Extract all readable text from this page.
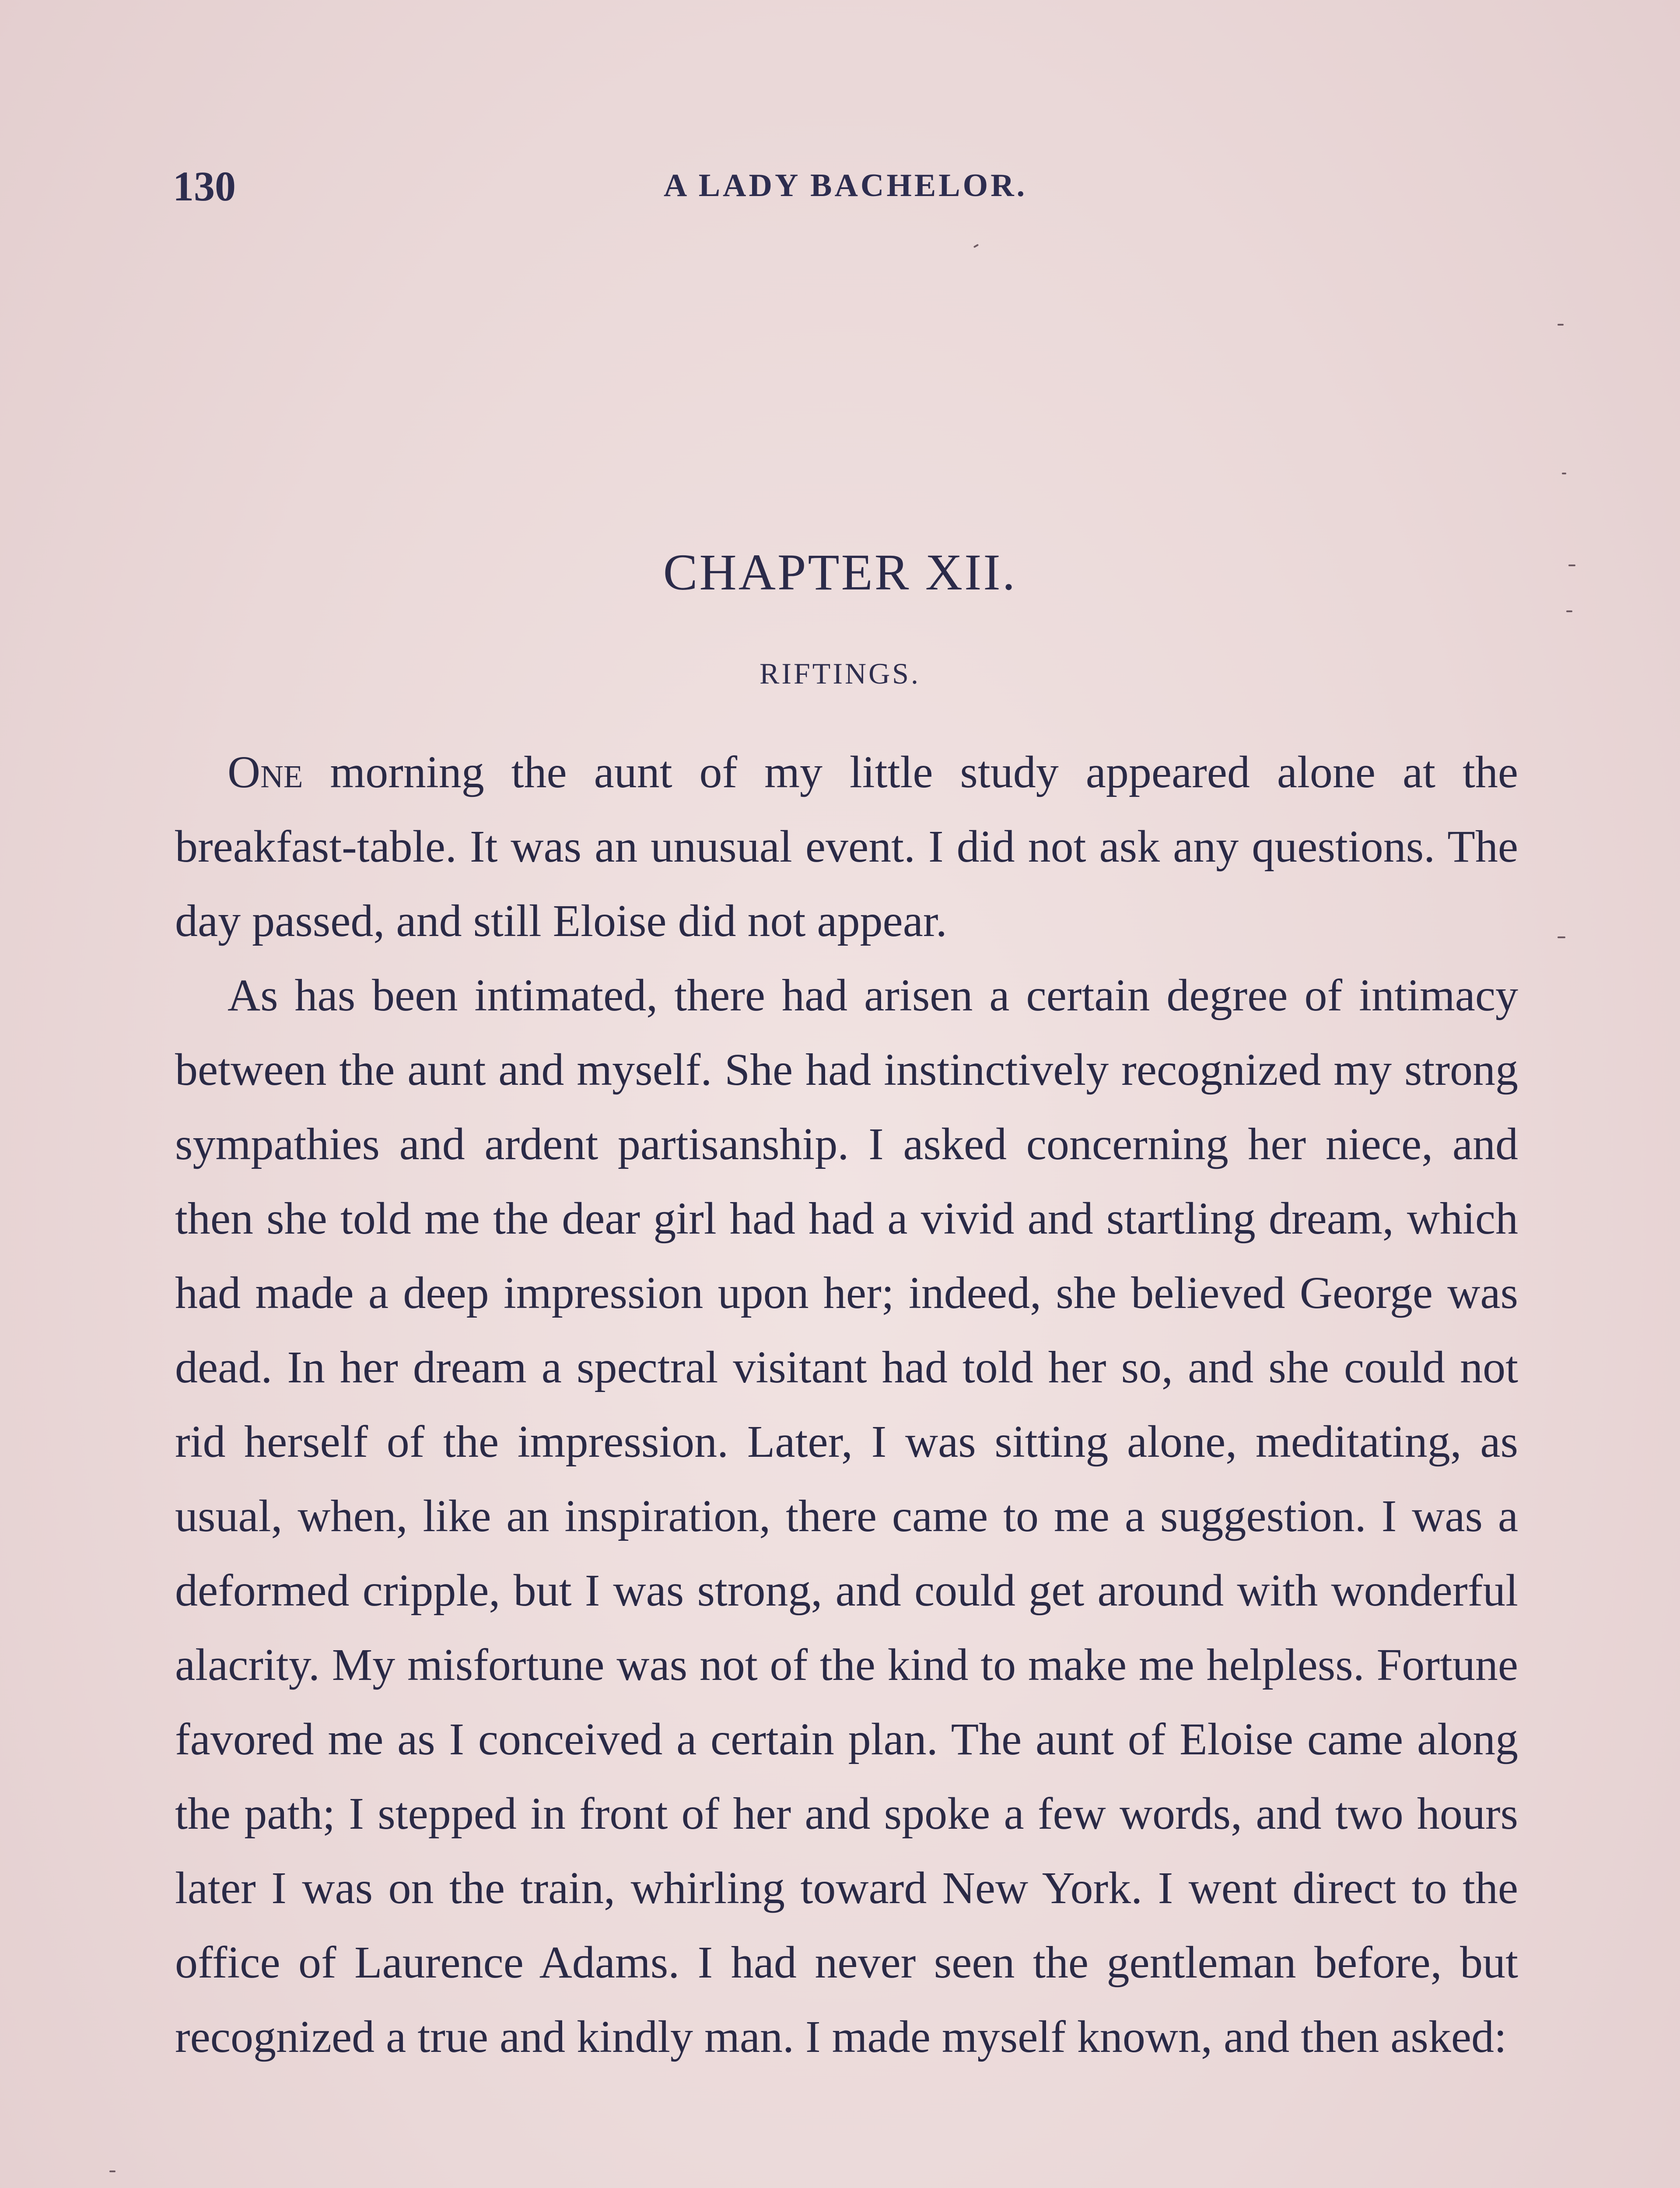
130	A LADY BACHELOR.
CHAPTER XII.
RIFTINGS.

One morning the aunt of my little study appeared alone at the breakfast-table. It was an unusual event. I did not ask any questions. The day passed, and still Eloise did not appear.

As has been intimated, there had arisen a certain degree of intimacy between the aunt and myself. She had instinctively recognized my strong sympathies and ardent partisanship. I asked concerning her niece, and then she told me the dear girl had had a vivid and startling dream, which had made a deep impression upon her; indeed, she believed George was dead. In her dream a spectral visitant had told her so, and she could not rid herself of the impression. Later, I was sitting alone, meditating, as usual, when, like an inspiration, there came to me a suggestion. I was a deformed cripple, but I was strong, and could get around with wonderful alacrity. My misfortune was not of the kind to make me helpless. Fortune favored me as I conceived a certain plan. The aunt of Eloise came along the path; I stepped in front of her and spoke a few words, and two hours later I was on the train, whirling toward New York. I went direct to the office of Laurence Adams. I had never seen the gentleman before, but recognized a true and kindly man. I made myself known, and then asked:
